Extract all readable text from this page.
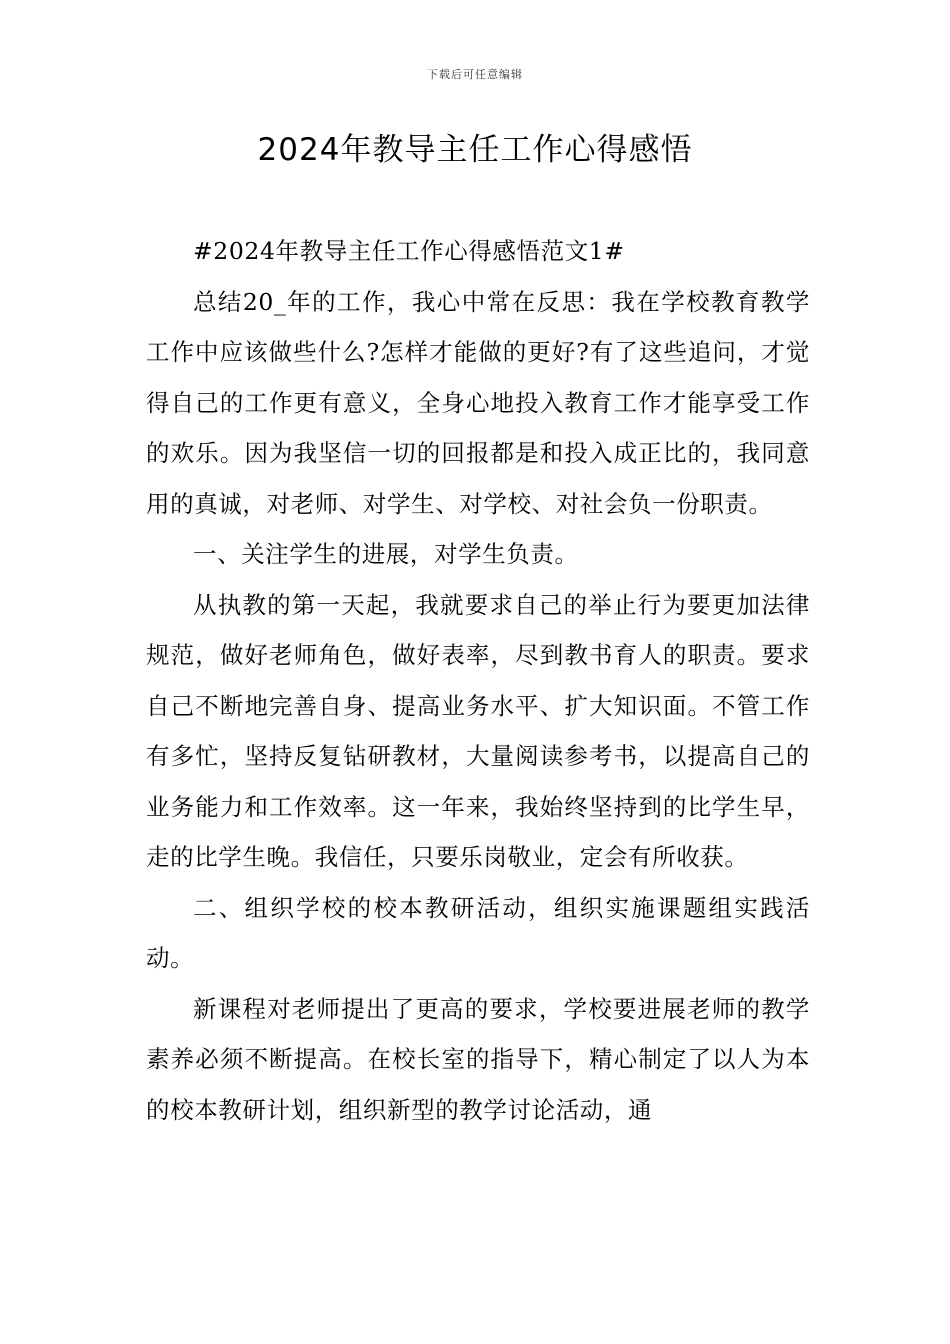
下载后可任意编辑
2024年教导主任工作心得感悟

#2024年教导主任工作心得感悟范文1#

总结20_年的工作，我心中常在反思：我在学校教育教学工作中应该做些什么?怎样才能做的更好?有了这些追问，才觉得自己的工作更有意义，全身心地投入教育工作才能享受工作的欢乐。因为我坚信一切的回报都是和投入成正比的，我同意用的真诚，对老师、对学生、对学校、对社会负一份职责。

一、关注学生的进展，对学生负责。

从执教的第一天起，我就要求自己的举止行为要更加法律规范，做好老师角色，做好表率，尽到教书育人的职责。要求自己不断地完善自身、提高业务水平、扩大知识面。不管工作有多忙，坚持反复钻研教材，大量阅读参考书，以提高自己的业务能力和工作效率。这一年来，我始终坚持到的比学生早，走的比学生晚。我信任，只要乐岗敬业，定会有所收获。

二、组织学校的校本教研活动，组织实施课题组实践活动。

新课程对老师提出了更高的要求，学校要进展老师的教学素养必须不断提高。在校长室的指导下，精心制定了以人为本的校本教研计划，组织新型的教学讨论活动，通
